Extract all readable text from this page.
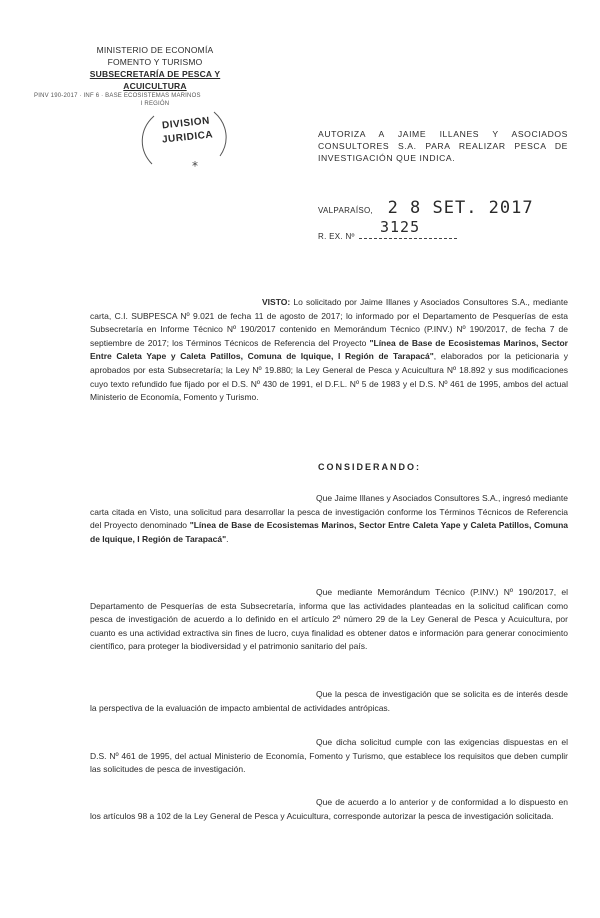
MINISTERIO DE ECONOMÍA
FOMENTO Y TURISMO
SUBSECRETARÍA DE PESCA Y ACUICULTURA
PINV 190-2017 · INF 6 · BASE ECOSISTEMAS MARINOS
I REGIÓN
*
DIVISION
JURIDICA	AUTORIZA A JAIME ILLANES Y ASOCIADOS CONSULTORES S.A. PARA REALIZAR PESCA DE INVESTIGACIÓN QUE INDICA.
VALPARAÍSO, 2 8 SET. 2017
R. EX. Nº
3125
VISTO: Lo solicitado por Jaime Illanes y Asociados Consultores S.A., mediante carta, C.I. SUBPESCA Nº 9.021 de fecha 11 de agosto de 2017; lo informado por el Departamento de Pesquerías de esta Subsecretaría en Informe Técnico Nº 190/2017 contenido en Memorándum Técnico (P.INV.) Nº 190/2017, de fecha 7 de septiembre de 2017; los Términos Técnicos de Referencia del Proyecto "Línea de Base de Ecosistemas Marinos, Sector Entre Caleta Yape y Caleta Patillos, Comuna de Iquique, I Región de Tarapacá", elaborados por la peticionaria y aprobados por esta Subsecretaría; la Ley Nº 19.880; la Ley General de Pesca y Acuicultura Nº 18.892 y sus modificaciones cuyo texto refundido fue fijado por el D.S. Nº 430 de 1991, el D.F.L. Nº 5 de 1983 y el D.S. Nº 461 de 1995, ambos del actual Ministerio de Economía, Fomento y Turismo.
CONSIDERANDO:
Que Jaime Illanes y Asociados Consultores S.A., ingresó mediante carta citada en Visto, una solicitud para desarrollar la pesca de investigación conforme los Términos Técnicos de Referencia del Proyecto denominado "Línea de Base de Ecosistemas Marinos, Sector Entre Caleta Yape y Caleta Patillos, Comuna de Iquique, I Región de Tarapacá".
Que mediante Memorándum Técnico (P.INV.) Nº 190/2017, el Departamento de Pesquerías de esta Subsecretaría, informa que las actividades planteadas en la solicitud califican como pesca de investigación de acuerdo a lo definido en el artículo 2º número 29 de la Ley General de Pesca y Acuicultura, por cuanto es una actividad extractiva sin fines de lucro, cuya finalidad es obtener datos e información para generar conocimiento científico, para proteger la biodiversidad y el patrimonio sanitario del país.
Que la pesca de investigación que se solicita es de interés desde la perspectiva de la evaluación de impacto ambiental de actividades antrópicas.
Que dicha solicitud cumple con las exigencias dispuestas en el D.S. Nº 461 de 1995, del actual Ministerio de Economía, Fomento y Turismo, que establece los requisitos que deben cumplir las solicitudes de pesca de investigación.
Que de acuerdo a lo anterior y de conformidad a lo dispuesto en los artículos 98 a 102 de la Ley General de Pesca y Acuicultura, corresponde autorizar la pesca de investigación solicitada.
